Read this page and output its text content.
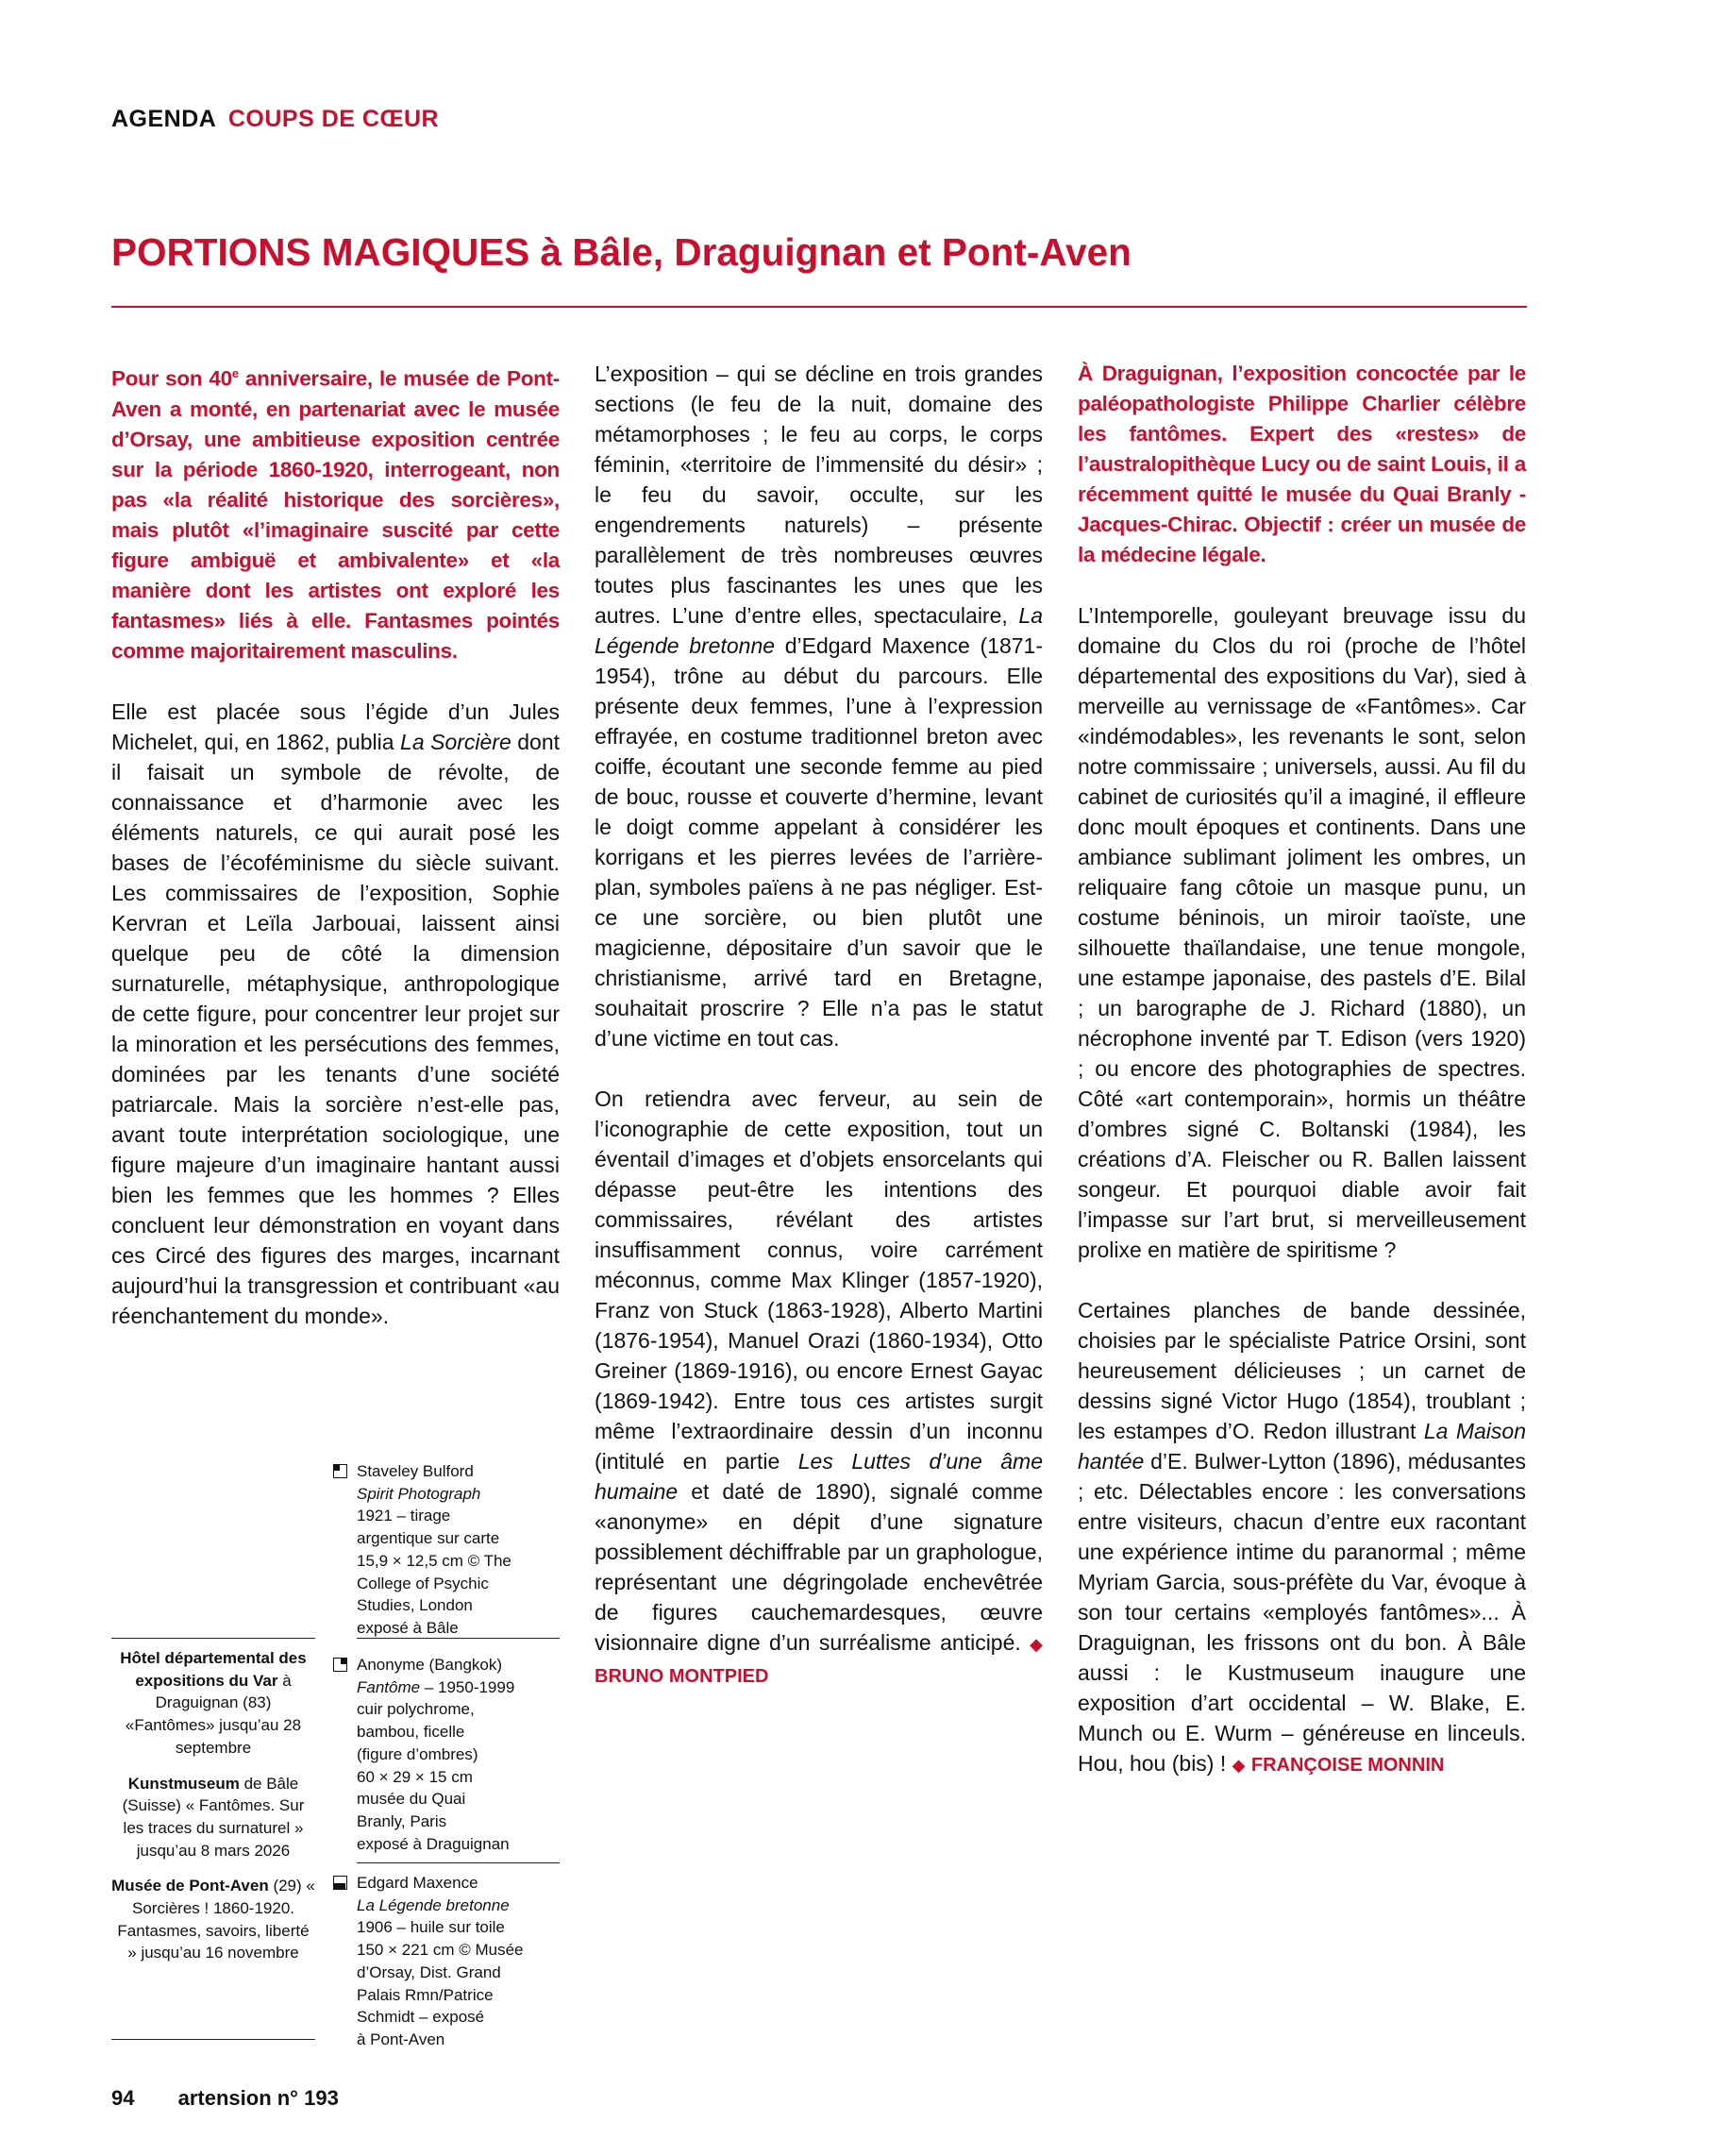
AGENDA COUPS DE CŒUR
PORTIONS MAGIQUES à Bâle, Draguignan et Pont-Aven

Pour son 40e anniversaire, le musée de Pont-Aven a monté, en partenariat avec le musée d’Orsay, une ambitieuse exposition centrée sur la période 1860-1920, interrogeant, non pas «la réalité historique des sorcières», mais plutôt «l’imaginaire suscité par cette figure ambiguë et ambivalente» et «la manière dont les artistes ont exploré les fantasmes» liés à elle. Fantasmes pointés comme majoritairement masculins.

Elle est placée sous l’égide d’un Jules Michelet, qui, en 1862, publia La Sorcière dont il faisait un symbole de révolte, de connaissance et d’harmonie avec les éléments naturels, ce qui aurait posé les bases de l’écoféminisme du siècle suivant. Les commissaires de l’exposition, Sophie Kervran et Leïla Jarbouai, laissent ainsi quelque peu de côté la dimension surnaturelle, métaphysique, anthropologique de cette figure, pour concentrer leur projet sur la minoration et les persécutions des femmes, dominées par les tenants d’une société patriarcale. Mais la sorcière n’est-elle pas, avant toute interprétation sociologique, une figure majeure d’un imaginaire hantant aussi bien les femmes que les hommes ? Elles concluent leur démonstration en voyant dans ces Circé des figures des marges, incarnant aujourd’hui la transgression et contribuant «au réenchantement du monde».

L’exposition – qui se décline en trois grandes sections (le feu de la nuit, domaine des métamorphoses ; le feu au corps, le corps féminin, «territoire de l’immensité du désir» ; le feu du savoir, occulte, sur les engendrements naturels) – présente parallèlement de très nombreuses œuvres toutes plus fascinantes les unes que les autres. L’une d’entre elles, spectaculaire, La Légende bretonne d’Edgard Maxence (1871-1954), trône au début du parcours. Elle présente deux femmes, l’une à l’expression effrayée, en costume traditionnel breton avec coiffe, écoutant une seconde femme au pied de bouc, rousse et couverte d’hermine, levant le doigt comme appelant à considérer les korrigans et les pierres levées de l’arrière-plan, symboles païens à ne pas négliger. Est-ce une sorcière, ou bien plutôt une magicienne, dépositaire d’un savoir que le christianisme, arrivé tard en Bretagne, souhaitait proscrire ? Elle n’a pas le statut d’une victime en tout cas.

On retiendra avec ferveur, au sein de l’iconographie de cette exposition, tout un éventail d’images et d’objets ensorcelants qui dépasse peut-être les intentions des commissaires, révélant des artistes insuffisamment connus, voire carrément méconnus, comme Max Klinger (1857-1920), Franz von Stuck (1863-1928), Alberto Martini (1876-1954), Manuel Orazi (1860-1934), Otto Greiner (1869-1916), ou encore Ernest Gayac (1869-1942). Entre tous ces artistes surgit même l’extraordinaire dessin d’un inconnu (intitulé en partie Les Luttes d’une âme humaine et daté de 1890), signalé comme «anonyme» en dépit d’une signature possiblement déchiffrable par un graphologue, représentant une dégringolade enchevêtrée de figures cauchemardesques, œuvre visionnaire digne d’un surréalisme anticipé. ◆ BRUNO MONTPIED

À Draguignan, l’exposition concoctée par le paléopathologiste Philippe Charlier célèbre les fantômes. Expert des «restes» de l’australopithèque Lucy ou de saint Louis, il a récemment quitté le musée du Quai Branly - Jacques-Chirac. Objectif : créer un musée de la médecine légale.

L’Intemporelle, gouleyant breuvage issu du domaine du Clos du roi (proche de l’hôtel départemental des expositions du Var), sied à merveille au vernissage de «Fantômes». Car «indémodables», les revenants le sont, selon notre commissaire ; universels, aussi. Au fil du cabinet de curiosités qu’il a imaginé, il effleure donc moult époques et continents. Dans une ambiance sublimant joliment les ombres, un reliquaire fang côtoie un masque punu, un costume béninois, un miroir taoïste, une silhouette thaïlandaise, une tenue mongole, une estampe japonaise, des pastels d’E. Bilal ; un barographe de J. Richard (1880), un nécrophone inventé par T. Edison (vers 1920) ; ou encore des photographies de spectres. Côté «art contemporain», hormis un théâtre d’ombres signé C. Boltanski (1984), les créations d’A. Fleischer ou R. Ballen laissent songeur. Et pourquoi diable avoir fait l’impasse sur l’art brut, si merveilleusement prolixe en matière de spiritisme ?

Certaines planches de bande dessinée, choisies par le spécialiste Patrice Orsini, sont heureusement délicieuses ; un carnet de dessins signé Victor Hugo (1854), troublant ; les estampes d’O. Redon illustrant La Maison hantée d’E. Bulwer-Lytton (1896), médusantes ; etc. Délectables encore : les conversations entre visiteurs, chacun d’entre eux racontant une expérience intime du paranormal ; même Myriam Garcia, sous-préfète du Var, évoque à son tour certains «employés fantômes»... À Draguignan, les frissons ont du bon. À Bâle aussi : le Kustmuseum inaugure une exposition d’art occidental – W. Blake, E. Munch ou E. Wurm – généreuse en linceuls. Hou, hou (bis) ! ◆ FRANÇOISE MONNIN

Hôtel départemental des expositions du Var à Draguignan (83) «Fantômes» jusqu’au 28 septembre

Kunstmuseum de Bâle (Suisse) « Fantômes. Sur les traces du surnaturel » jusqu’au 8 mars 2026

Musée de Pont-Aven (29) « Sorcières ! 1860-1920. Fantasmes, savoirs, liberté » jusqu’au 16 novembre

Staveley Bulford
Spirit Photograph
1921 – tirage
argentique sur carte
15,9 × 12,5 cm © The
College of Psychic
Studies, London
exposé à Bâle
Anonyme (Bangkok)
Fantôme – 1950-1999
cuir polychrome,
bambou, ficelle
(figure d’ombres)
60 × 29 × 15 cm
musée du Quai
Branly, Paris
exposé à Draguignan
Edgard Maxence
La Légende bretonne
1906 – huile sur toile
150 × 221 cm © Musée
d’Orsay, Dist. Grand
Palais Rmn/Patrice
Schmidt – exposé
à Pont-Aven
94 artension n° 193
